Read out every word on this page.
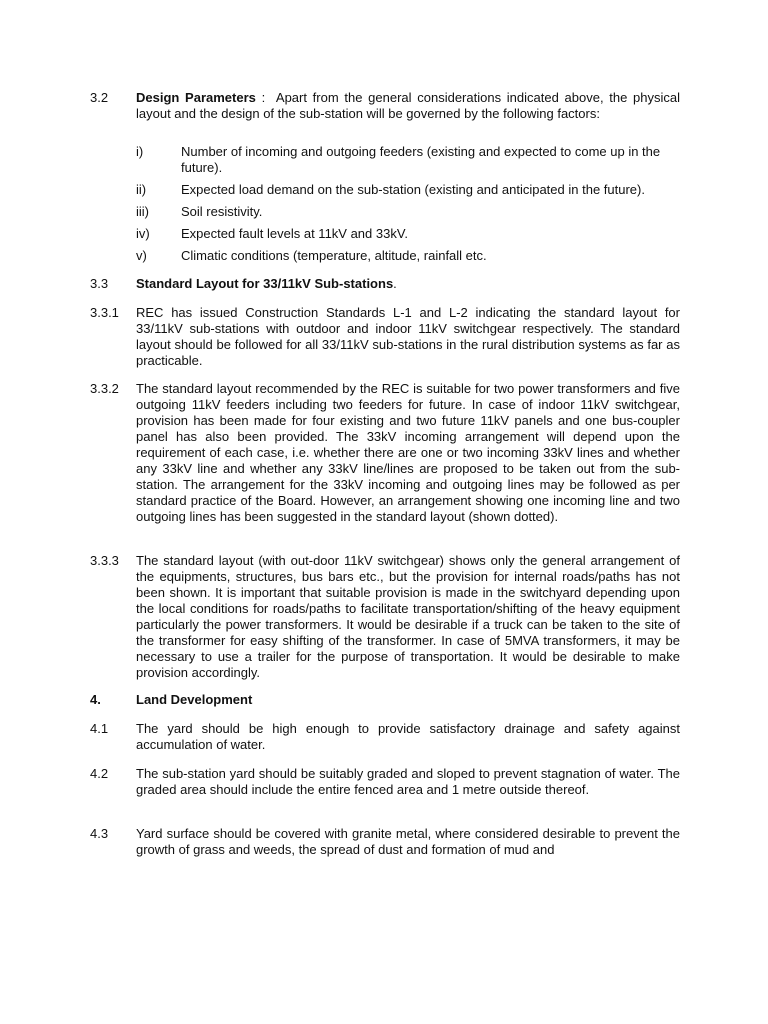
3.2 Design Parameters :  Apart from the general considerations indicated above, the physical layout and the design of the sub-station will be governed by the following factors:
i)	Number of incoming and outgoing feeders (existing and expected to come up in the future).
ii)	Expected load demand on the sub-station (existing and anticipated in the future).
iii) Soil resistivity.
iv) Expected fault levels at 11kV and 33kV.
v)	Climatic conditions (temperature, altitude, rainfall etc.
3.3 Standard Layout for 33/11kV Sub-stations.
3.3.1 REC has issued Construction Standards L-1 and L-2 indicating the standard layout for 33/11kV sub-stations with outdoor and indoor 11kV switchgear respectively. The standard layout should be followed for all 33/11kV sub-stations in the rural distribution systems as far as practicable.
3.3.2 The standard layout recommended by the REC is suitable for two power transformers and five outgoing 11kV feeders including two feeders for future. In case of indoor 11kV switchgear, provision has been made for four existing and two future 11kV panels and one bus-coupler panel has also been provided. The 33kV incoming arrangement will depend upon the requirement of each case, i.e. whether there are one or two incoming 33kV lines and whether any 33kV line and whether any 33kV line/lines are proposed to be taken out from the sub-station. The arrangement for the 33kV incoming and outgoing lines may be followed as per standard practice of the Board. However, an arrangement showing one incoming line and two outgoing lines has been suggested in the standard layout (shown dotted).
3.3.3 The standard layout (with out-door 11kV switchgear) shows only the general arrangement of the equipments, structures, bus bars etc., but the provision for internal roads/paths has not been shown. It is important that suitable provision is made in the switchyard depending upon the local conditions for roads/paths to facilitate transportation/shifting of the heavy equipment particularly the power transformers. It would be desirable if a truck can be taken to the site of the transformer for easy shifting of the transformer. In case of 5MVA transformers, it may be necessary to use a trailer for the purpose of transportation. It would be desirable to make provision accordingly.
4.	Land Development
4.1 The yard should be high enough to provide satisfactory drainage and safety against accumulation of water.
4.2 The sub-station yard should be suitably graded and sloped to prevent stagnation of water. The graded area should include the entire fenced area and 1 metre outside thereof.
4.3 Yard surface should be covered with granite metal, where considered desirable to prevent the growth of grass and weeds, the spread of dust and formation of mud and
